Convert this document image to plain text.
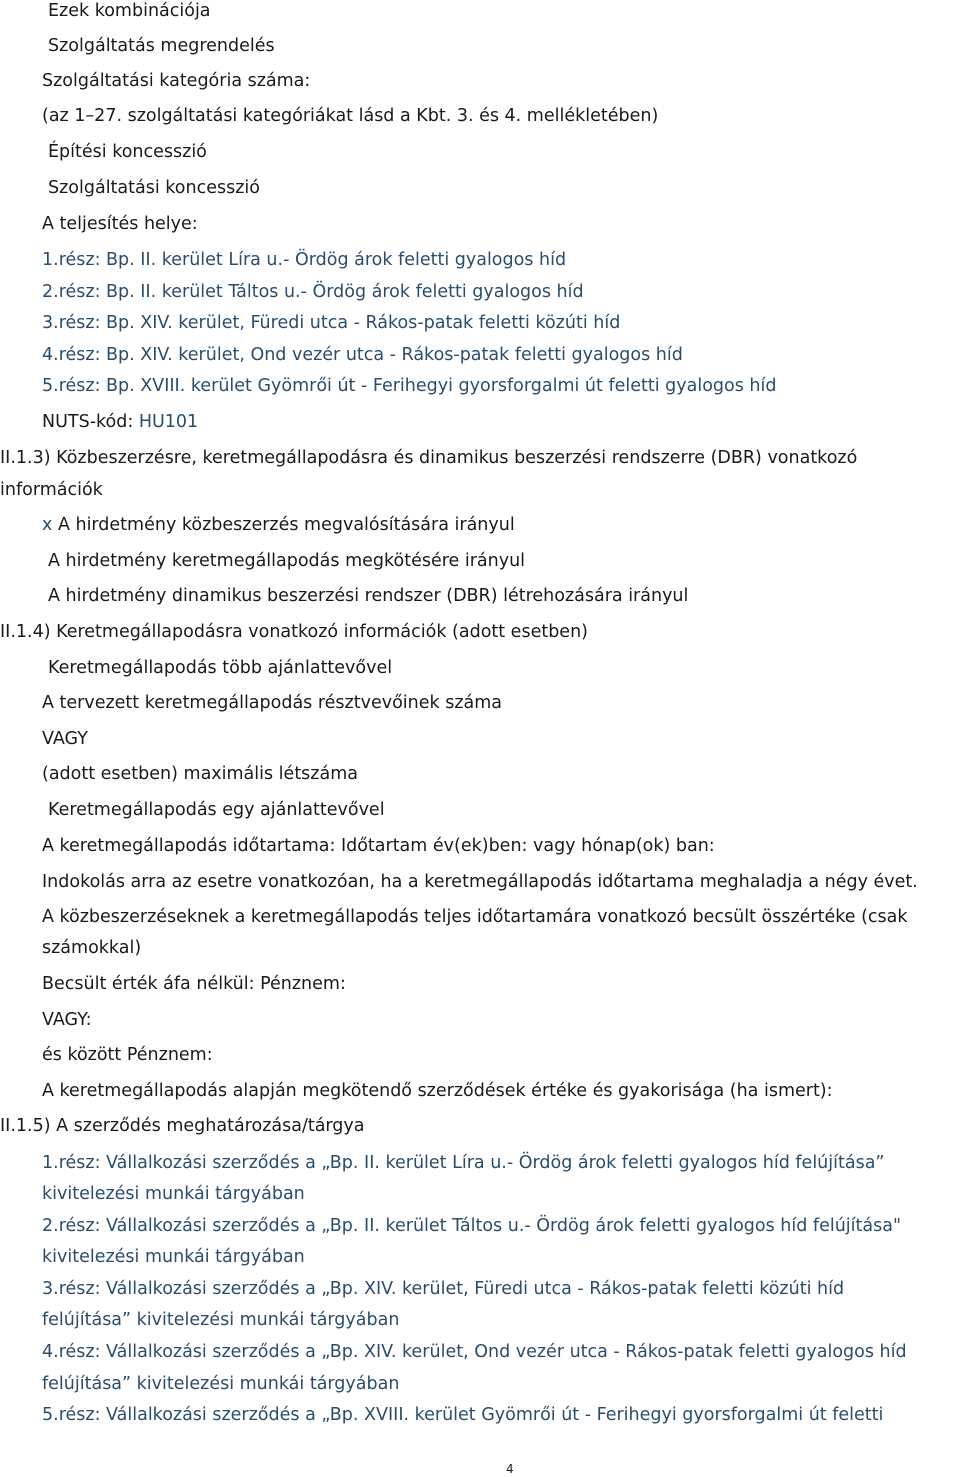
Ezek kombinációja
Szolgáltatás megrendelés
Szolgáltatási kategória száma:
(az 1–27. szolgáltatási kategóriákat lásd a Kbt. 3. és 4. mellékletében)
Építési koncesszió
Szolgáltatási koncesszió
A teljesítés helye:
1.rész: Bp. II. kerület Líra u.- Ördög árok feletti gyalogos híd
2.rész: Bp. II. kerület Táltos u.- Ördög árok feletti gyalogos híd
3.rész: Bp. XIV. kerület, Füredi utca - Rákos-patak feletti közúti híd
4.rész: Bp. XIV. kerület, Ond vezér utca - Rákos-patak feletti gyalogos híd
5.rész: Bp. XVIII. kerület Gyömrői út - Ferihegyi gyorsforgalmi út feletti gyalogos híd
NUTS-kód: HU101
II.1.3) Közbeszerzésre, keretmegállapodásra és dinamikus beszerzési rendszerre (DBR) vonatkozó
információk
x A hirdetmény közbeszerzés megvalósítására irányul
A hirdetmény keretmegállapodás megkötésére irányul
A hirdetmény dinamikus beszerzési rendszer (DBR) létrehozására irányul
II.1.4) Keretmegállapodásra vonatkozó információk (adott esetben)
Keretmegállapodás több ajánlattevővel
A tervezett keretmegállapodás résztvevőinek száma
VAGY
(adott esetben) maximális létszáma
Keretmegállapodás egy ajánlattevővel
A keretmegállapodás időtartama: Időtartam év(ek)ben: vagy hónap(ok) ban:
Indokolás arra az esetre vonatkozóan, ha a keretmegállapodás időtartama meghaladja a négy évet.
A közbeszerzéseknek a keretmegállapodás teljes időtartamára vonatkozó becsült összértéke (csak
számokkal)
Becsült érték áfa nélkül: Pénznem:
VAGY:
és között Pénznem:
A keretmegállapodás alapján megkötendő szerződések értéke és gyakorisága (ha ismert):
II.1.5) A szerződés meghatározása/tárgya
1.rész: Vállalkozási szerződés a „Bp. II. kerület Líra u.- Ördög árok feletti gyalogos híd felújítása”
kivitelezési munkái tárgyában
2.rész: Vállalkozási szerződés a „Bp. II. kerület Táltos u.- Ördög árok feletti gyalogos híd felújítása"
kivitelezési munkái tárgyában
3.rész: Vállalkozási szerződés a „Bp. XIV. kerület, Füredi utca - Rákos-patak feletti közúti híd
felújítása” kivitelezési munkái tárgyában
4.rész: Vállalkozási szerződés a „Bp. XIV. kerület, Ond vezér utca - Rákos-patak feletti gyalogos híd
felújítása” kivitelezési munkái tárgyában
5.rész: Vállalkozási szerződés a „Bp. XVIII. kerület Gyömrői út - Ferihegyi gyorsforgalmi út feletti
4
